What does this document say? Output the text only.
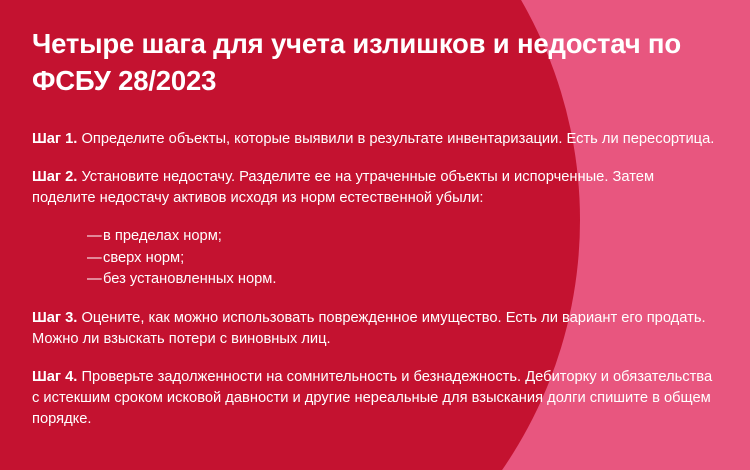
Четыре шага для учета излишков и недостач по ФСБУ 28/2023

Шаг 1. Определите объекты, которые выявили в результате инвентаризации. Есть ли пересортица.

Шаг 2. Установите недостачу. Разделите ее на утраченные объекты и испорченные. Затем поделите недостачу активов исходя из норм естественной убыли:

—в пределах норм;
—сверх норм;
—без установленных норм.

Шаг 3. Оцените, как можно использовать поврежденное имущество. Есть ли вариант его продать. Можно ли взыскать потери с виновных лиц.

Шаг 4. Проверьте задолженности на сомнительность и безнадежность. Дебиторку и обязательства с истекшим сроком исковой давности и другие нереальные для взыскания долги спишите в общем порядке.
